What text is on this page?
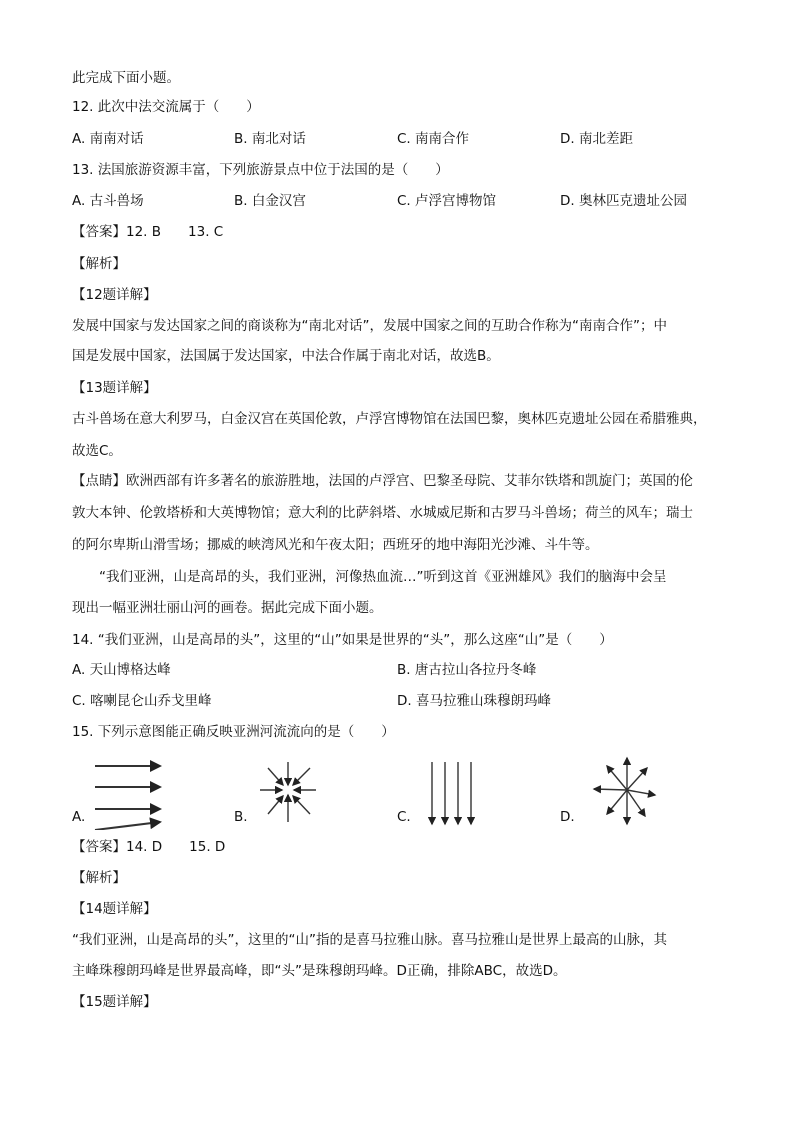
此完成下面小题。
12. 此次中法交流属于（　　）
A. 南南对话	B. 南北对话	C. 南南合作	D. 南北差距
13. 法国旅游资源丰富，下列旅游景点中位于法国的是（　　）
A. 古斗兽场	B. 白金汉宫	C. 卢浮宫博物馆	D. 奥林匹克遗址公园
【答案】12. B　　13. C
【解析】
【12题详解】
发展中国家与发达国家之间的商谈称为“南北对话”，发展中国家之间的互助合作称为“南南合作”；中
国是发展中国家，法国属于发达国家，中法合作属于南北对话，故选B。
【13题详解】
古斗兽场在意大利罗马，白金汉宫在英国伦敦，卢浮宫博物馆在法国巴黎，奥林匹克遗址公园在希腊雅典，
故选C。
【点睛】欧洲西部有许多著名的旅游胜地，法国的卢浮宫、巴黎圣母院、艾菲尔铁塔和凯旋门；英国的伦
敦大本钟、伦敦塔桥和大英博物馆；意大利的比萨斜塔、水城威尼斯和古罗马斗兽场；荷兰的风车；瑞士
的阿尔卑斯山滑雪场；挪威的峡湾风光和午夜太阳；西班牙的地中海阳光沙滩、斗牛等。
　　“我们亚洲，山是高昂的头，我们亚洲，河像热血流…”听到这首《亚洲雄风》我们的脑海中会呈
现出一幅亚洲壮丽山河的画卷。据此完成下面小题。
14. “我们亚洲，山是高昂的头”，这里的“山”如果是世界的“头”，那么这座“山”是（　　）
A. 天山博格达峰	B. 唐古拉山各拉丹冬峰
C. 喀喇昆仑山乔戈里峰	D. 喜马拉雅山珠穆朗玛峰
15. 下列示意图能正确反映亚洲河流流向的是（　　）
A.	B.	C.	D.
【答案】14. D　　15. D
【解析】
【14题详解】
“我们亚洲，山是高昂的头”，这里的“山”指的是喜马拉雅山脉。喜马拉雅山是世界上最高的山脉，其
主峰珠穆朗玛峰是世界最高峰，即“头”是珠穆朗玛峰。D正确，排除ABC，故选D。
【15题详解】
